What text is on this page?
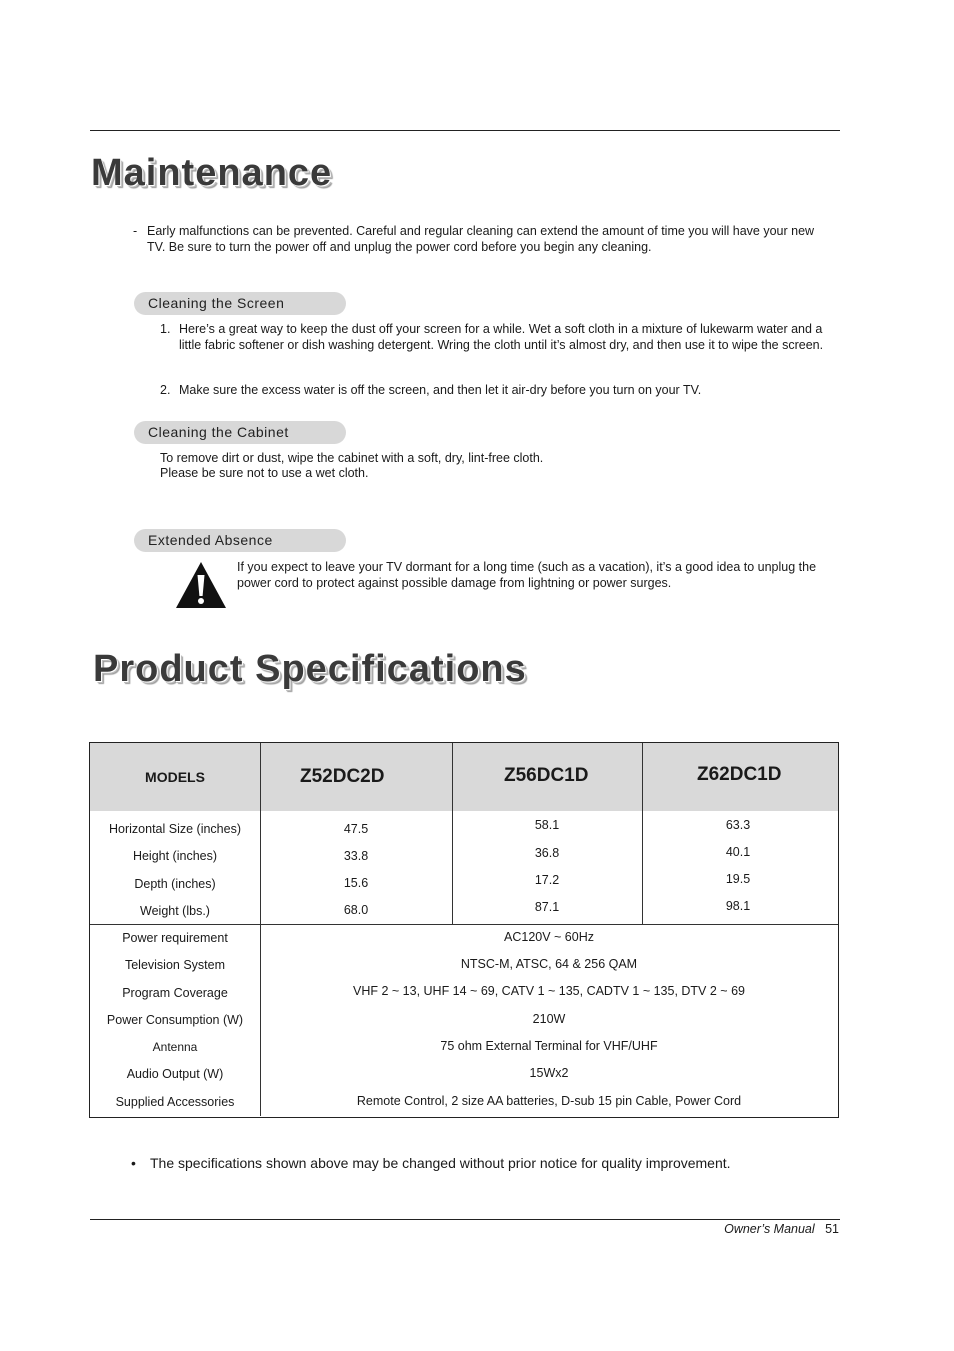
Maintenance
- Early malfunctions can be prevented. Careful and regular cleaning can extend the amount of time you will have your new TV. Be sure to turn the power off and unplug the power cord before you begin any cleaning.
Cleaning the Screen
1. Here’s a great way to keep the dust off your screen for a while. Wet a soft cloth in a mixture of lukewarm water and a little fabric softener or dish washing detergent. Wring the cloth until it’s almost dry, and then use it to wipe the screen.
2. Make sure the excess water is off the screen, and then let it air-dry before you turn on your TV.
Cleaning the Cabinet
To remove dirt or dust, wipe the cabinet with a soft, dry, lint-free cloth.
Please be sure not to use a wet cloth.
Extended Absence
If you expect to leave your TV dormant for a long time (such as a vacation), it’s a good idea to unplug the power cord to protect against possible damage from lightning or power surges.
Product Specifications
MODELS	Z52DC2D	Z56DC1D	Z62DC1D
Horizontal Size (inches)	47.5	58.1	63.3
Height (inches)	33.8	36.8	40.1
Depth (inches)	15.6	17.2	19.5
Weight (lbs.)	68.0	87.1	98.1
Power requirement	AC120V ~ 60Hz
Television System	NTSC-M, ATSC, 64 & 256 QAM
Program Coverage	VHF 2 ~ 13, UHF 14 ~ 69, CATV 1 ~ 135, CADTV 1 ~ 135, DTV 2 ~ 69
Power Consumption (W)	210W
Antenna	75 ohm External Terminal for VHF/UHF
Audio Output (W)	15Wx2
Supplied Accessories	Remote Control, 2 size AA batteries, D-sub 15 pin Cable, Power Cord
• The specifications shown above may be changed without prior notice for quality improvement.
Owner’s Manual 51
